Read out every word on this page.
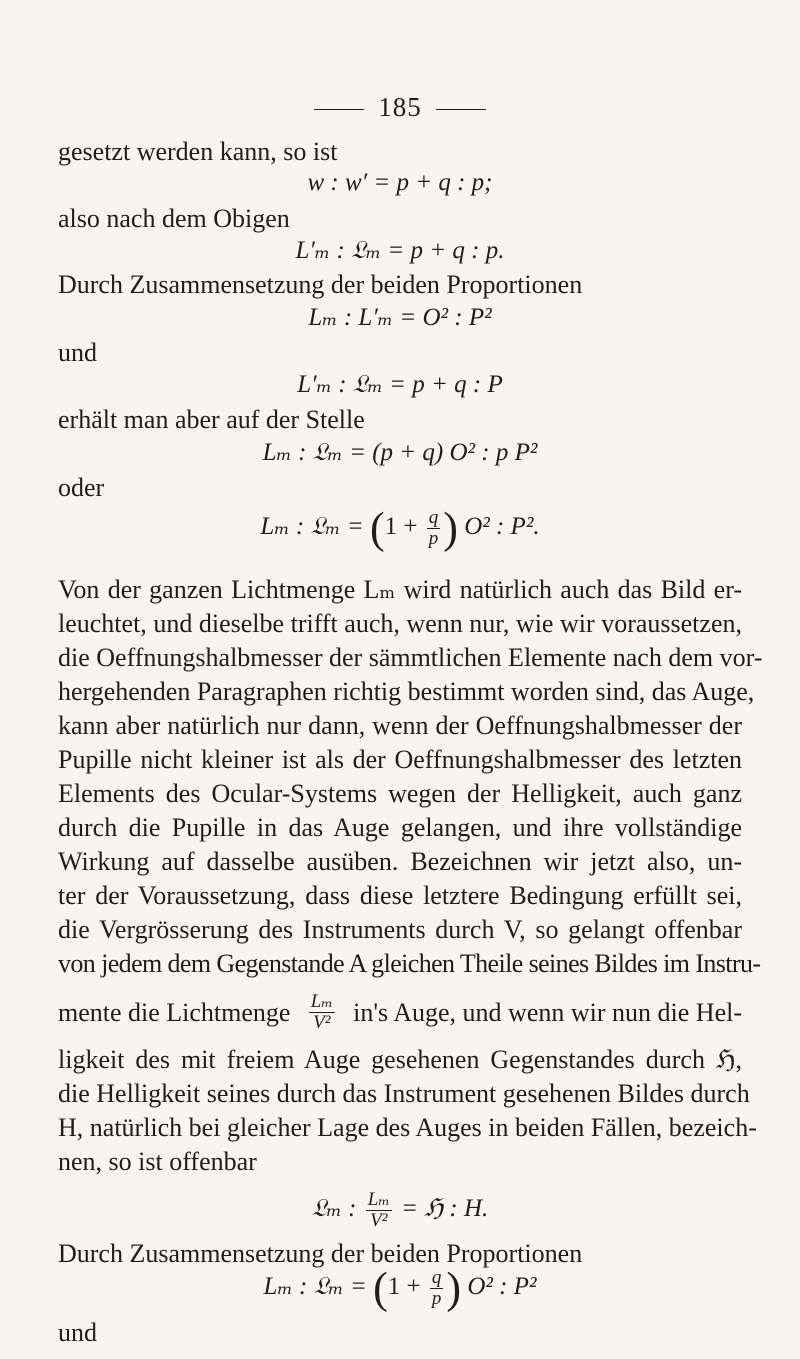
185
gesetzt werden kann, so ist
w : w′ = p + q : p;
also nach dem Obigen
L′ₘ : 𝔏ₘ = p + q : p.
Durch Zusammensetzung der beiden Proportionen
Lₘ : L′ₘ = O² : P²
und
L′ₘ : 𝔏ₘ = p + q : P
erhält man aber auf der Stelle
Lₘ : 𝔏ₘ = (p + q) O² : p P²
oder
Lₘ : 𝔏ₘ = ($1 + \frac{q}{p}$ ) O² : P².
Von der ganzen Lichtmenge Lₘ wird natürlich auch das Bild er-
leuchtet, und dieselbe trifft auch, wenn nur, wie wir voraussetzen,
die Oeffnungshalbmesser der sämmtlichen Elemente nach dem vor-
hergehenden Paragraphen richtig bestimmt worden sind, das Auge,
kann aber natürlich nur dann, wenn der Oeffnungshalbmesser der
Pupille nicht kleiner ist als der Oeffnungshalbmesser des letzten
Elements des Ocular-Systems wegen der Helligkeit, auch ganz
durch die Pupille in das Auge gelangen, und ihre vollständige
Wirkung auf dasselbe ausüben. Bezeichnen wir jetzt also, un-
ter der Voraussetzung, dass diese letztere Bedingung erfüllt sei,
die Vergrösserung des Instruments durch V, so gelangt offenbar
von jedem dem Gegenstande A gleichen Theile seines Bildes im Instru-
mente die Lichtmenge $\frac{\text{Lₘ}}{\text{V²}} in's$ Auge, und wenn wir nun die Hel-
ligkeit des mit freiem Auge gesehenen Gegenstandes durch ℌ,
die Helligkeit seines durch das Instrument gesehenen Bildes durch
H, natürlich bei gleicher Lage des Auges in beiden Fällen, bezeich-
nen, so ist offenbar
𝔏ₘ : $\frac{\text{Lₘ}}{\text{V²}}$ = ℌ : H.
Durch Zusammensetzung der beiden Proportionen
Lₘ : 𝔏ₘ = ($1 + \frac{q}{p}$ ) O² : P²
und
